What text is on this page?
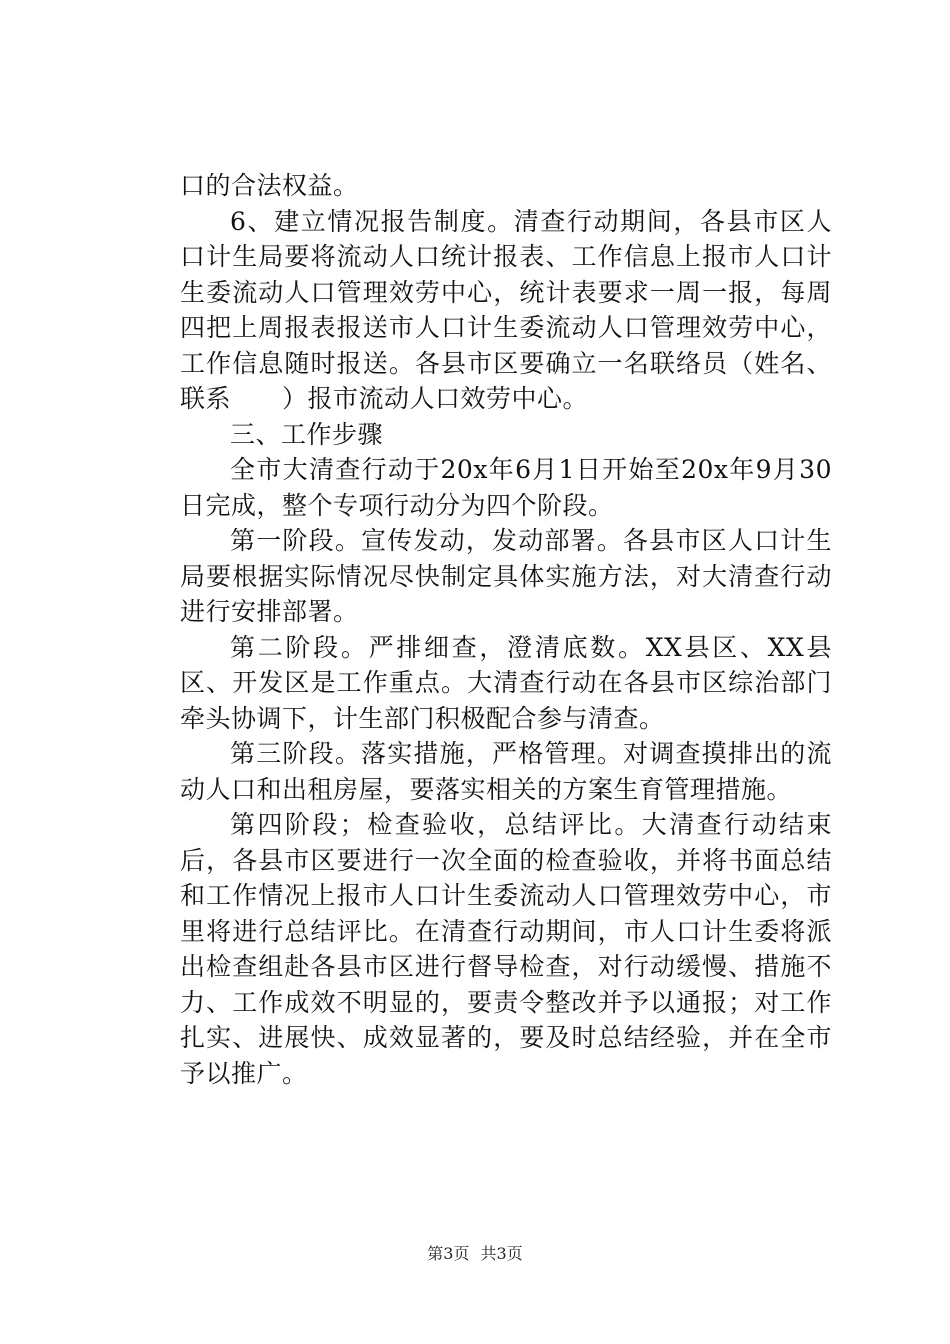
口的合法权益。

6、建立情况报告制度。清查行动期间，各县市区人口计生局要将流动人口统计报表、工作信息上报市人口计生委流动人口管理效劳中心，统计表要求一周一报，每周四把上周报表报送市人口计生委流动人口管理效劳中心，工作信息随时报送。各县市区要确立一名联络员（姓名、联系　　）报市流动人口效劳中心。

三、工作步骤

全市大清查行动于20x年6月1日开始至20x年9月30日完成，整个专项行动分为四个阶段。

第一阶段。宣传发动，发动部署。各县市区人口计生局要根据实际情况尽快制定具体实施方法，对大清查行动进行安排部署。

第二阶段。严排细查，澄清底数。XX县区、XX县区、开发区是工作重点。大清查行动在各县市区综治部门牵头协调下，计生部门积极配合参与清查。

第三阶段。落实措施，严格管理。对调查摸排出的流动人口和出租房屋，要落实相关的方案生育管理措施。

第四阶段；检查验收，总结评比。大清查行动结束后，各县市区要进行一次全面的检查验收，并将书面总结和工作情况上报市人口计生委流动人口管理效劳中心，市里将进行总结评比。在清查行动期间，市人口计生委将派出检查组赴各县市区进行督导检查，对行动缓慢、措施不力、工作成效不明显的，要责令整改并予以通报；对工作扎实、进展快、成效显著的，要及时总结经验，并在全市予以推广。

第3页 共3页
